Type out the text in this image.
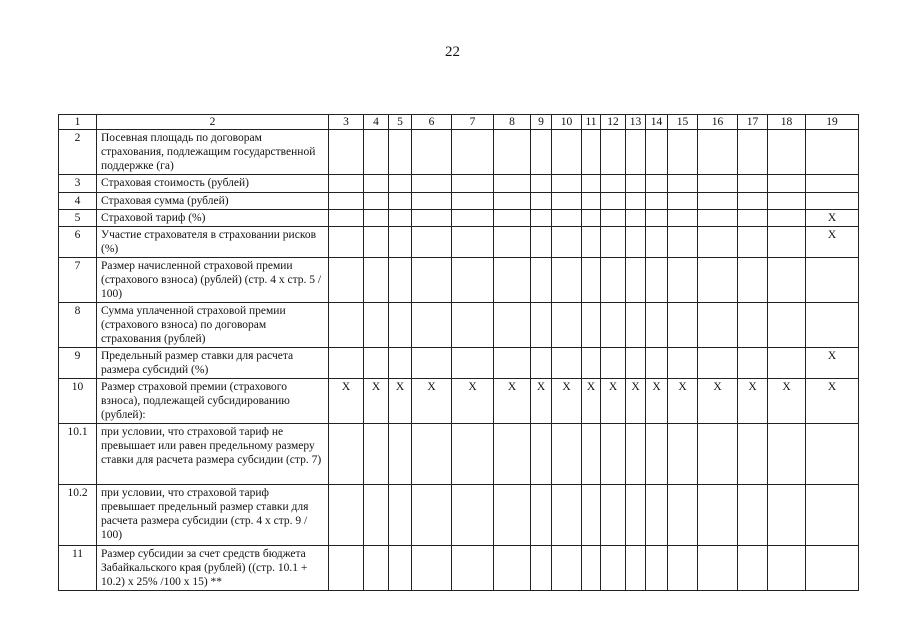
22
1	2	3	4	5	6	7	8	9	10	11	12	13	14	15	16	17	18	19
2	Посевная площадь по договорам страхования, подлежащим государственной поддержке (га)																	
3	Страховая стоимость (рублей)																	
4	Страховая сумма (рублей)																	
5	Страховой тариф (%)																	X
6	Участие страхователя в страховании рисков (%)																	X
7	Размер начисленной страховой премии (страхового взноса) (рублей) (стр. 4 х стр. 5 / 100)																	
8	Сумма уплаченной страховой премии (страхового взноса) по договорам страхования (рублей)																	
9	Предельный размер ставки для расчета размера субсидий (%)																	X
10	Размер страховой премии (страхового взноса), подлежащей субсидированию (рублей):	X	X	X	X	X	X	X	X	X	X	X	X	X	X	X	X	X
10.1	при условии, что страховой тариф не превышает или равен предельному размеру ставки для расчета размера субсидии (стр. 7)																	
10.2	при условии, что страховой тариф превышает предельный размер ставки для расчета размера субсидии (стр. 4 х стр. 9 / 100)																	
11	Размер субсидии за счет средств бюджета Забайкальского края (рублей) ((стр. 10.1 + 10.2) x 25% /100 x 15) **																	
